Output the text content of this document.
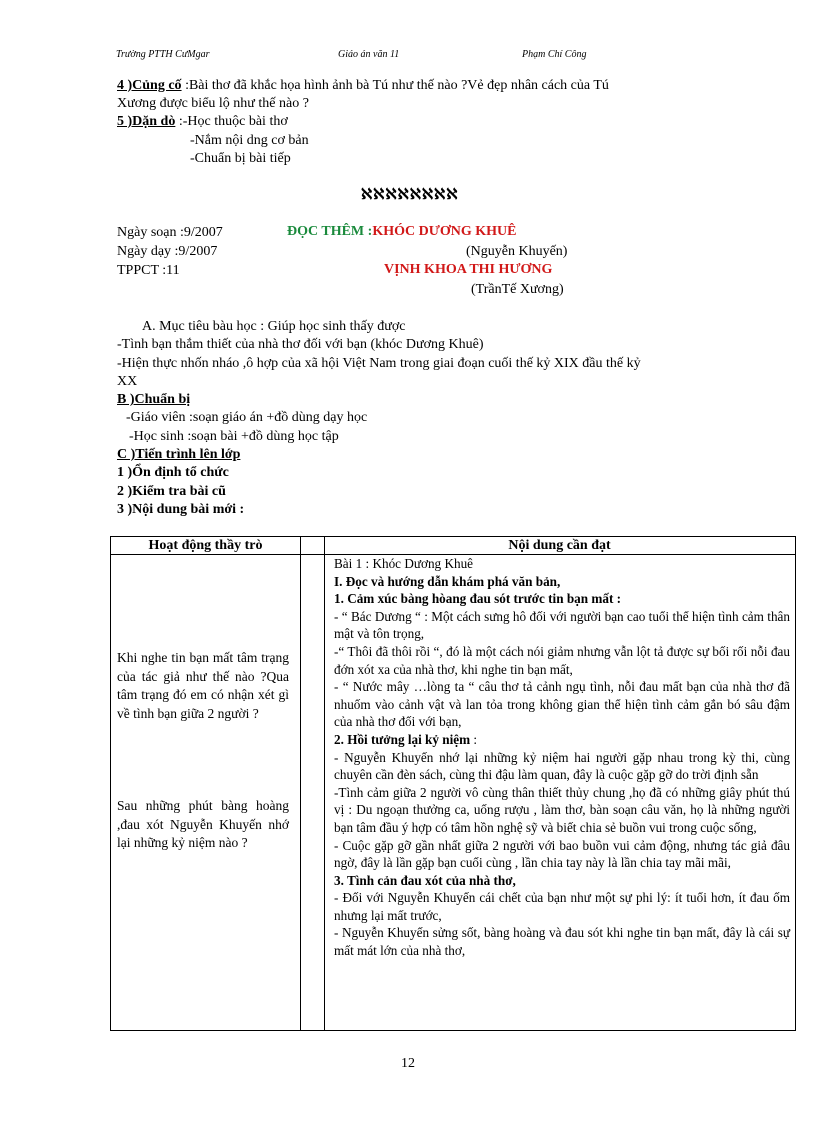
Trường PTTH CưMgar	Giáo án văn 11	Phạm Chí Công
4 )Củng cố :Bài thơ đã khắc họa hình ảnh bà Tú như thế nào ?Vẻ đẹp nhân cách của Tú
Xương được biểu lộ như thế nào ?
5 )Dặn dò :-Học thuộc bài thơ
-Nắm nội dng cơ bản
-Chuẩn bị bài tiếp
ℵℵℵℵℵℵℵℵ
Ngày soạn :9/2007	ĐỌC THÊM :KHÓC DƯƠNG KHUÊ
Ngày dạy :9/2007	(Nguyễn Khuyến)
TPPCT :11	VỊNH KHOA THI HƯƠNG
(TrầnTế Xương)
A. Mục tiêu bàu học : Giúp học sinh thấy được
-Tình bạn thắm thiết của nhà thơ đối với bạn (khóc Dương Khuê)
-Hiện thực nhốn nháo ,ô hợp của xã hội Việt Nam trong giai đoạn cuối thế kỷ XIX đầu thế kỷ
XX
B )Chuẩn bị
-Giáo viên :soạn giáo án +đồ dùng dạy học
-Học sinh :soạn bài +đồ dùng học tập
C )Tiến trình lên lớp
1 )Ổn định tổ chức
2 )Kiểm tra bài cũ
3 )Nội dung bài mới :
Hoạt động thầy trò	Nội dung cần đạt
Khi nghe tin bạn mất tâm trạng của tác giả như thế nào ?Qua tâm trạng đó em có nhận xét gì về tình bạn giữa 2 người ?
Sau những phút bàng hoàng ,đau xót Nguyễn Khuyến nhớ lại những kỷ niệm nào ?
Bài 1 : Khóc Dương Khuê
I. Đọc và hướng dẫn khám phá văn bản,
1. Cảm xúc bàng hòang đau sót trước tin bạn mất :
- “ Bác Dương “ : Một cách sưng hô đối với người bạn cao tuổi thể hiện tình cảm thân mật và tôn trọng,
-“ Thôi đã thôi rồi “, đó là một cách nói giảm nhưng vẫn lột tả được sự bối rối nỗi đau đớn xót xa của nhà thơ, khi nghe tin bạn mất,
- “ Nước mây …lòng ta “ câu thơ tả cảnh ngụ tình, nỗi đau mất bạn của nhà thơ đã nhuốm vào cảnh vật và lan tỏa trong không gian thể hiện tình cảm gắn bó sâu đậm của nhà thơ đối với bạn,
2. Hồi tưởng lại kỷ niệm :
- Nguyễn Khuyến nhớ lại những kỷ niệm hai người gặp nhau trong kỳ thi, cùng chuyên cần đèn sách, cùng thi đậu làm quan, đây là cuộc gặp gỡ do trời định sẵn
-Tình cảm giữa 2 người vô cùng thân thiết thủy chung ,họ đã có những giây phút thú vị : Du ngoạn thưởng ca, uống rượu , làm thơ, bàn soạn câu văn, họ là những người bạn tâm đầu ý hợp có tâm hồn nghệ sỹ và biết chia sẻ buồn vui trong cuộc sống,
- Cuộc gặp gỡ gần nhất giữa 2 người với bao buồn vui cảm động, nhưng tác giả đâu ngờ, đây là lần gặp bạn cuối cùng , lần chia tay này là lần chia tay mãi mãi,
3. Tình cản đau xót của nhà thơ,
- Đối với Nguyễn Khuyến cái chết của bạn như một sự phi lý: ít tuổi hơn, ít đau ốm nhưng lại mất trước,
- Nguyễn Khuyến sửng sốt, bàng hoàng và đau sót khi nghe tin bạn mất, đây là cái sự mất mát lớn của nhà thơ,
12
